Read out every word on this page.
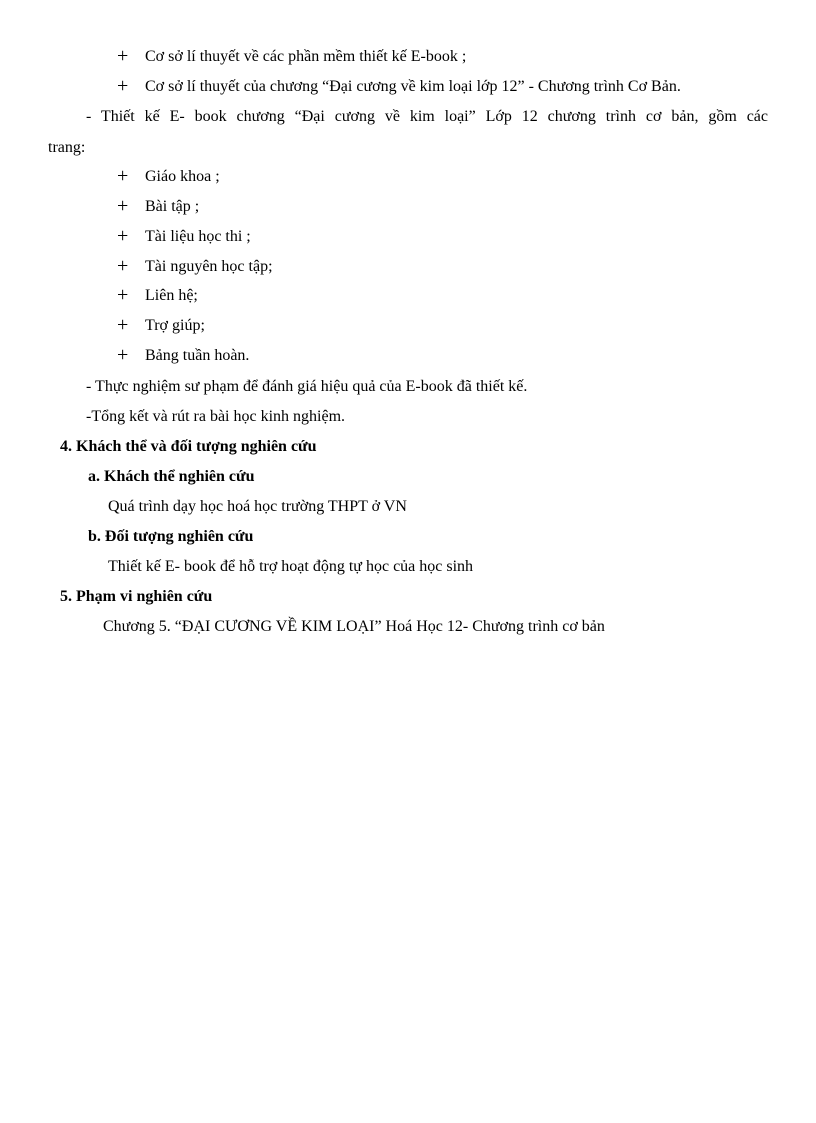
+ Cơ sở lí thuyết về các phần mềm thiết kế E-book ;
+ Cơ sở lí thuyết của chương “Đại cương về kim loại lớp 12” - Chương trình Cơ Bản.
- Thiết kế E- book chương “Đại cương về kim loại” Lớp 12 chương trình cơ bản, gồm các
trang:
+ Giáo khoa ;
+ Bài tập ;
+ Tài liệu học thi ;
+ Tài nguyên học tập;
+ Liên hệ;
+ Trợ giúp;
+ Bảng tuần hoàn.
- Thực nghiệm sư phạm để đánh giá hiệu quả của E-book đã thiết kế.
-Tổng kết và rút ra bài học kinh nghiệm.
4. Khách thể và đối tượng nghiên cứu
a. Khách thể nghiên cứu
Quá trình dạy học hoá học trường THPT ở VN
b. Đối tượng nghiên cứu
Thiết kế E- book để hỗ trợ hoạt động tự học của học sinh
5. Phạm vi nghiên cứu
Chương 5. “ĐẠI CƯƠNG VỀ KIM LOẠI” Hoá Học 12- Chương trình cơ bản
